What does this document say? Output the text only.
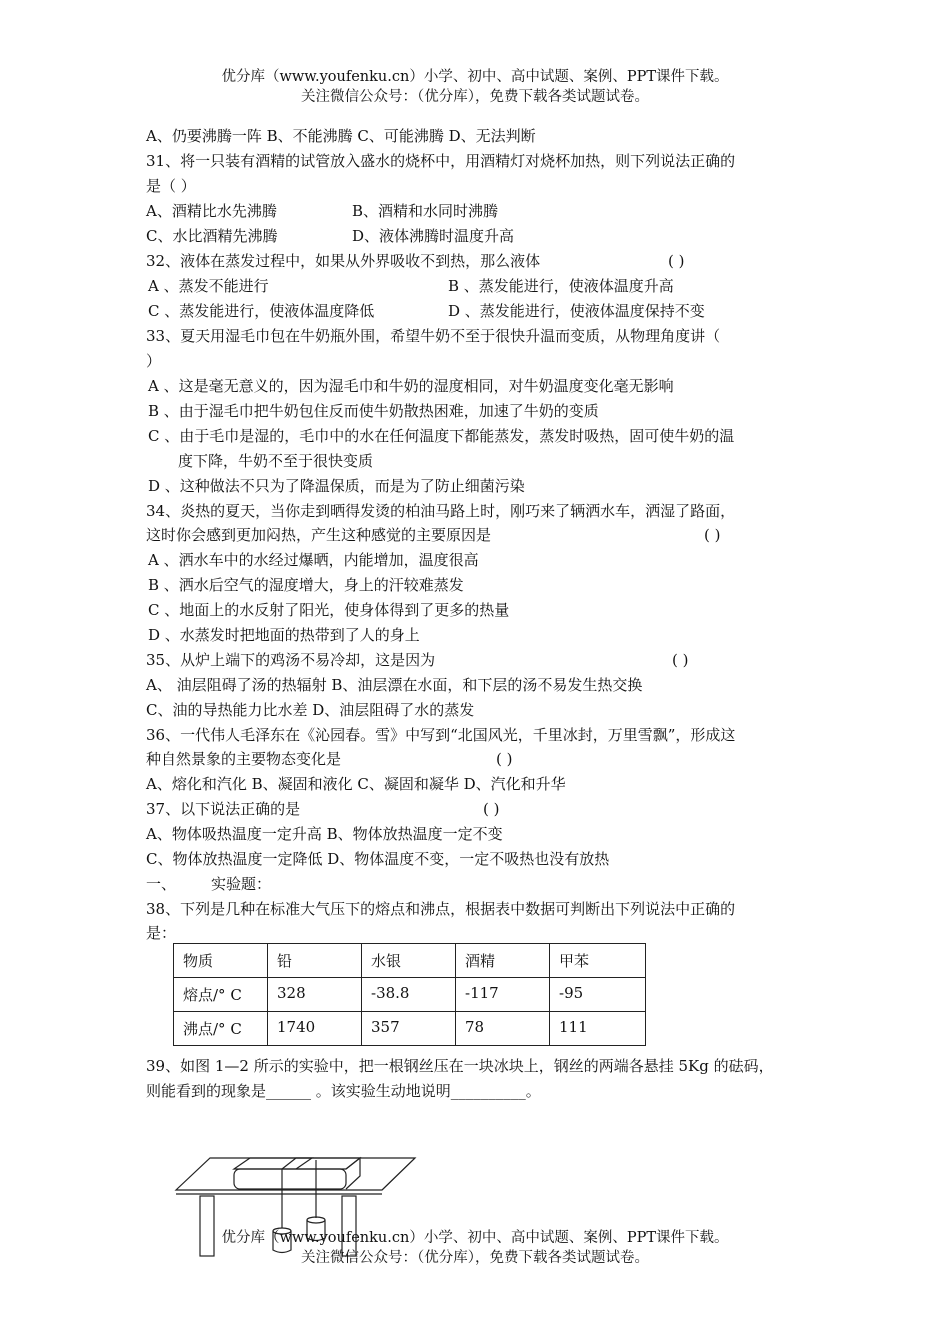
优分库（www.youfenku.cn）小学、初中、高中试题、案例、PPT课件下载。
关注微信公众号：（优分库），免费下载各类试题试卷。
A、仍要沸腾一阵 B、不能沸腾 C、可能沸腾 D、无法判断
31、将一只装有酒精的试管放入盛水的烧杯中，用酒精灯对烧杯加热，则下列说法正确的
是（ ）
A、酒精比水先沸腾	B、酒精和水同时沸腾
C、水比酒精先沸腾	D、液体沸腾时温度升高
32、液体在蒸发过程中，如果从外界吸收不到热，那么液体	( )
A 、蒸发不能进行	B 、蒸发能进行，使液体温度升高
C 、蒸发能进行，使液体温度降低	D 、蒸发能进行，使液体温度保持不变
33、夏天用湿毛巾包在牛奶瓶外围，希望牛奶不至于很快升温而变质，从物理角度讲（
）
A 、这是毫无意义的，因为湿毛巾和牛奶的湿度相同，对牛奶温度变化毫无影响
B 、由于湿毛巾把牛奶包住反而使牛奶散热困难，加速了牛奶的变质
C 、由于毛巾是湿的，毛巾中的水在任何温度下都能蒸发，蒸发时吸热，固可使牛奶的温
度下降，牛奶不至于很快变质
D 、这种做法不只为了降温保质，而是为了防止细菌污染
34、炎热的夏天，当你走到晒得发烫的柏油马路上时，刚巧来了辆洒水车，洒湿了路面，
这时你会感到更加闷热，产生这种感觉的主要原因是	( )
A 、洒水车中的水经过爆晒，内能增加，温度很高
B 、洒水后空气的湿度增大，身上的汗较难蒸发
C 、地面上的水反射了阳光，使身体得到了更多的热量
D 、水蒸发时把地面的热带到了人的身上
35、从炉上端下的鸡汤不易冷却，这是因为	( )
A、 油层阻碍了汤的热辐射 B、油层漂在水面，和下层的汤不易发生热交换
C、油的导热能力比水差 D、油层阻碍了水的蒸发
36、一代伟人毛泽东在《沁园春。雪》中写到“北国风光，千里冰封，万里雪飘”，形成这
种自然景象的主要物态变化是	( )
A、熔化和汽化 B、凝固和液化 C、凝固和凝华 D、汽化和升华
37、以下说法正确的是	( )
A、物体吸热温度一定升高 B、物体放热温度一定不变
C、物体放热温度一定降低 D、物体温度不变，一定不吸热也没有放热
一、 实验题：
38、下列是几种在标准大气压下的熔点和沸点，根据表中数据可判断出下列说法中正确的
是：
物质	铅	水银	酒精	甲苯
熔点/° C	328	-38.8	-117	-95
沸点/° C	1740	357	78	111
39、如图 1—2 所示的实验中，把一根钢丝压在一块冰块上，钢丝的两端各悬挂 5Kg 的砝码，
则能看到的现象是______ 。该实验生动地说明__________。
优分库（www.youfenku.cn）小学、初中、高中试题、案例、PPT课件下载。
关注微信公众号：（优分库），免费下载各类试题试卷。
